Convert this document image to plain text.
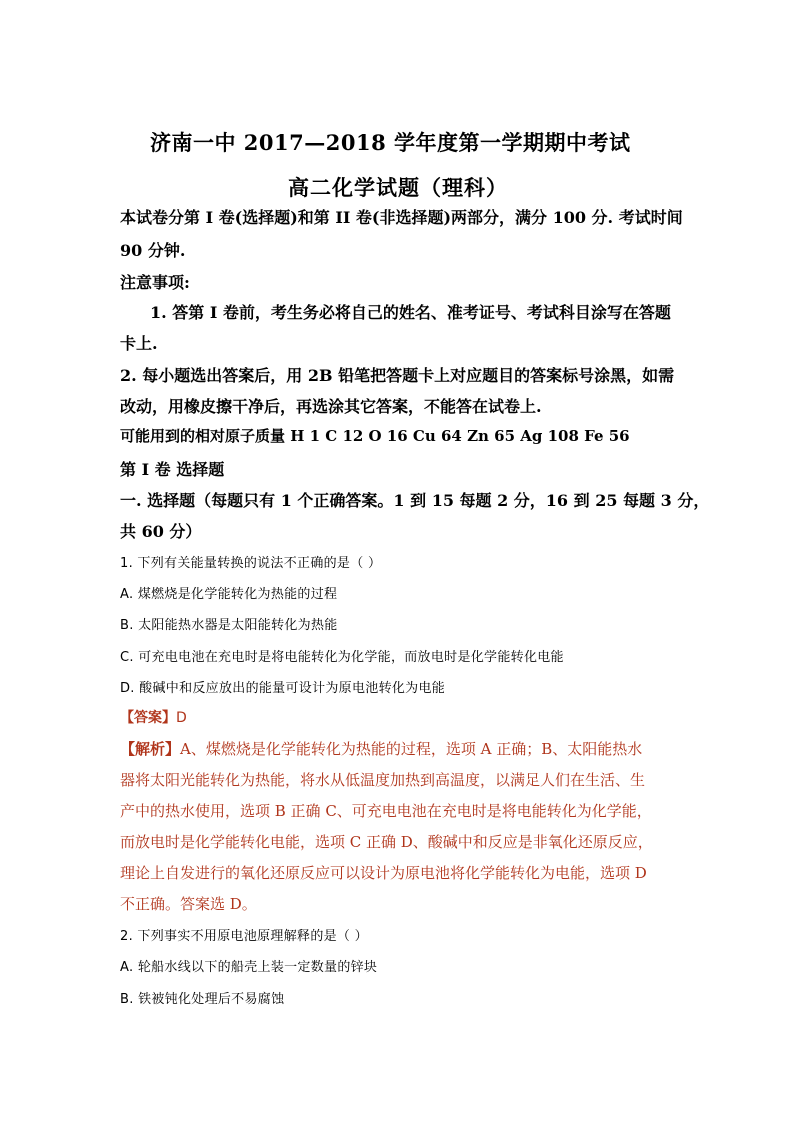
济南一中 2017—2018 学年度第一学期期中考试
高二化学试题（理科）
本试卷分第 I 卷(选择题)和第 II 卷(非选择题)两部分，满分 100 分. 考试时间
90 分钟.
注意事项:
1. 答第 I 卷前，考生务必将自己的姓名、准考证号、考试科目涂写在答题
卡上.
2. 每小题选出答案后，用 2B 铅笔把答题卡上对应题目的答案标号涂黑，如需
改动，用橡皮擦干净后，再选涂其它答案，不能答在试卷上.
可能用到的相对原子质量 H 1 C 12 O 16 Cu 64 Zn 65 Ag 108 Fe 56
第 I 卷 选择题
一. 选择题（每题只有 1 个正确答案。1 到 15 每题 2 分，16 到 25 每题 3 分，
共 60 分）
1. 下列有关能量转换的说法不正确的是（ ）
A. 煤燃烧是化学能转化为热能的过程
B. 太阳能热水器是太阳能转化为热能
C. 可充电电池在充电时是将电能转化为化学能，而放电时是化学能转化电能
D. 酸碱中和反应放出的能量可设计为原电池转化为电能
【答案】D
【解析】A、煤燃烧是化学能转化为热能的过程，选项 A 正确；B、太阳能热水
器将太阳光能转化为热能，将水从低温度加热到高温度，以满足人们在生活、生
产中的热水使用，选项 B 正确 C、可充电电池在充电时是将电能转化为化学能，
而放电时是化学能转化电能，选项 C 正确 D、酸碱中和反应是非氧化还原反应，
理论上自发进行的氧化还原反应可以设计为原电池将化学能转化为电能，选项 D
不正确。答案选 D。
2. 下列事实不用原电池原理解释的是（ ）
A. 轮船水线以下的船壳上装一定数量的锌块
B. 铁被钝化处理后不易腐蚀
